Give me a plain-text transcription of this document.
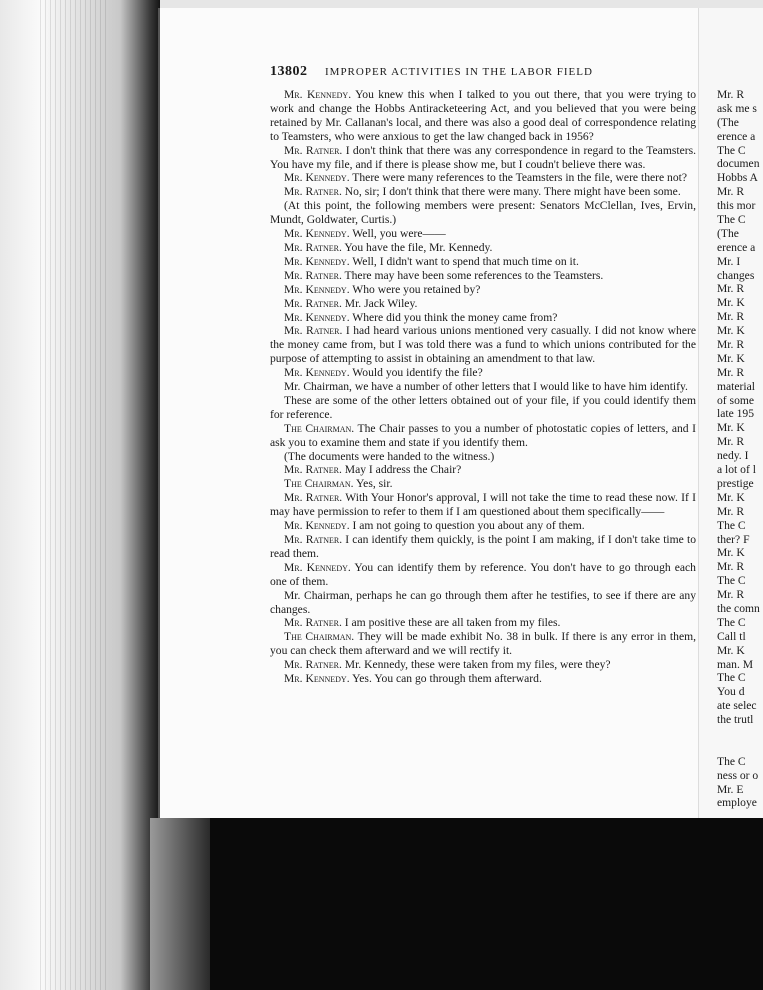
13802 IMPROPER ACTIVITIES IN THE LABOR FIELD

Mr. Kennedy. You knew this when I talked to you out there, that you were trying to work and change the Hobbs Antiracketeering Act, and you believed that you were being retained by Mr. Callanan's local, and there was also a good deal of correspondence relating to Teamsters, who were anxious to get the law changed back in 1956?

Mr. Ratner. I don't think that there was any correspondence in regard to the Teamsters. You have my file, and if there is please show me, but I coudn't believe there was.

Mr. Kennedy. There were many references to the Teamsters in the file, were there not?

Mr. Ratner. No, sir; I don't think that there were many. There might have been some.

(At this point, the following members were present: Senators McClellan, Ives, Ervin, Mundt, Goldwater, Curtis.)

Mr. Kennedy. Well, you were——

Mr. Ratner. You have the file, Mr. Kennedy.

Mr. Kennedy. Well, I didn't want to spend that much time on it.

Mr. Ratner. There may have been some references to the Teamsters.

Mr. Kennedy. Who were you retained by?

Mr. Ratner. Mr. Jack Wiley.

Mr. Kennedy. Where did you think the money came from?

Mr. Ratner. I had heard various unions mentioned very casually. I did not know where the money came from, but I was told there was a fund to which unions contributed for the purpose of attempting to assist in obtaining an amendment to that law.

Mr. Kennedy. Would you identify the file?

Mr. Chairman, we have a number of other letters that I would like to have him identify.

These are some of the other letters obtained out of your file, if you could identify them for reference.

The Chairman. The Chair passes to you a number of photostatic copies of letters, and I ask you to examine them and state if you identify them.

(The documents were handed to the witness.)

Mr. Ratner. May I address the Chair?

The Chairman. Yes, sir.

Mr. Ratner. With Your Honor's approval, I will not take the time to read these now. If I may have permission to refer to them if I am questioned about them specifically——

Mr. Kennedy. I am not going to question you about any of them.

Mr. Ratner. I can identify them quickly, is the point I am making, if I don't take time to read them.

Mr. Kennedy. You can identify them by reference. You don't have to go through each one of them.

Mr. Chairman, perhaps he can go through them after he testifies, to see if there are any changes.

Mr. Ratner. I am positive these are all taken from my files.

The Chairman. They will be made exhibit No. 38 in bulk. If there is any error in them, you can check them afterward and we will rectify it.

Mr. Ratner. Mr. Kennedy, these were taken from my files, were they?

Mr. Kennedy. Yes. You can go through them afterward.

Mr. R
ask me s
(The
erence a
The C
documen
Hobbs A
Mr. R
this mor
The C
(The
erence a
Mr. I
changes
Mr. R
Mr. K
Mr. R
Mr. K
Mr. R
Mr. K
Mr. R
material
of some
late 195
Mr. K
Mr. R
nedy. I
a lot of l
prestige
Mr. K
Mr. R
The C
ther? F
Mr. K
Mr. R
The C
Mr. R
the comn
The C
Call tl
Mr. K
man. M
The C
You d
ate selec
the trutl
The C
ness or o
Mr. E
employe
